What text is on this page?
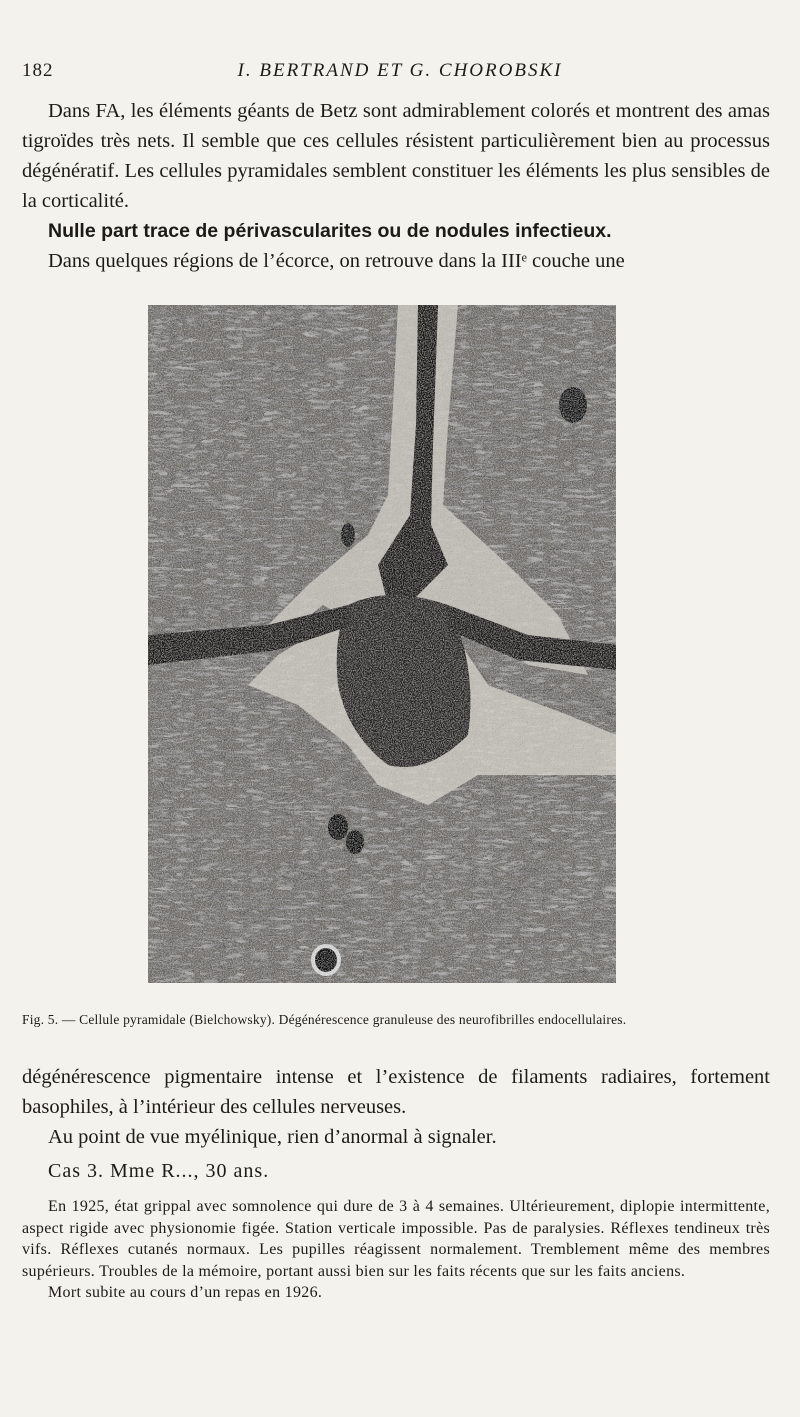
182	I. BERTRAND ET G. CHOROBSKI

Dans FA, les éléments géants de Betz sont admirablement colorés et montrent des amas tigroïdes très nets. Il semble que ces cellules résistent particulièrement bien au processus dégénératif. Les cellules pyramidales semblent constituer les éléments les plus sensibles de la corticalité.

Nulle part trace de périvascularites ou de nodules infectieux.

Dans quelques régions de l’écorce, on retrouve dans la IIIᵉ couche une

Fig. 5. — Cellule pyramidale (Bielchowsky). Dégénérescence granuleuse des neurofibrilles endocellulaires.

dégénérescence pigmentaire intense et l’existence de filaments radiaires, fortement basophiles, à l’intérieur des cellules nerveuses.

Au point de vue myélinique, rien d’anormal à signaler.

Cas 3. Mme R..., 30 ans.

En 1925, état grippal avec somnolence qui dure de 3 à 4 semaines. Ultérieurement, diplopie intermittente, aspect rigide avec physionomie figée. Station verticale impossible. Pas de paralysies. Réflexes tendineux très vifs. Réflexes cutanés normaux. Les pupilles réagissent normalement. Tremblement même des membres supérieurs. Troubles de la mémoire, portant aussi bien sur les faits récents que sur les faits anciens.

Mort subite au cours d’un repas en 1926.
